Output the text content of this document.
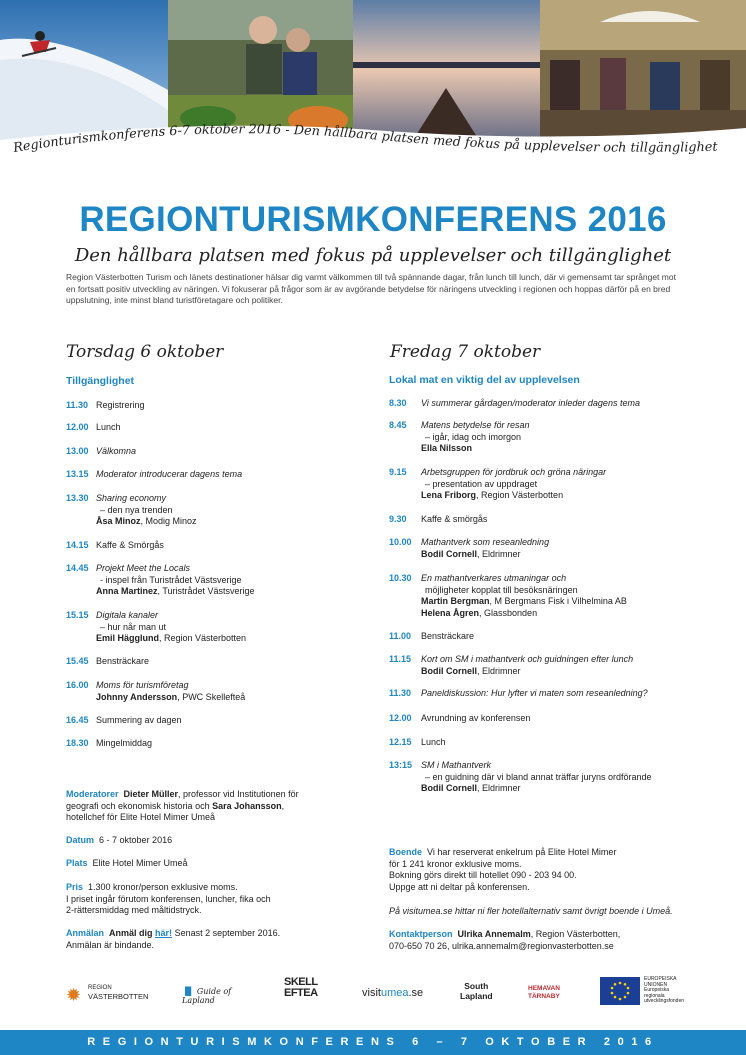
Regionturismkonferens 6-7 oktober 2016 - Den hållbara platsen med fokus på upplevelser och tillgänglighet
REGIONTURISMKONFERENS 2016
Den hållbara platsen med fokus på upplevelser och tillgänglighet
Region Västerbotten Turism och länets destinationer hälsar dig varmt välkommen till två spännande dagar, från lunch till lunch, där vi gemensamt tar språnget mot en fortsatt positiv utveckling av näringen. Vi fokuserar på frågor som är av avgörande betydelse för näringens utveckling i regionen och hoppas därför på en bred uppslutning, inte minst bland turistföretagare och politiker.
Torsdag 6 oktober
Tillgänglighet
11.30 Registrering
12.00 Lunch
13.00 Välkomna
13.15 Moderator introducerar dagens tema
13.30 Sharing economy
– den nya trenden
Åsa Minoz, Modig Minoz
14.15 Kaffe & Smörgås
14.45 Projekt Meet the Locals
- inspel från Turistrådet Västsverige
Anna Martinez, Turistrådet Västsverige
15.15 Digitala kanaler
– hur når man ut
Emil Hägglund, Region Västerbotten
15.45 Bensträckare
16.00 Moms för turismföretag
Johnny Andersson, PWC Skellefteå
16.45 Summering av dagen
18.30 Mingelmiddag
Fredag 7 oktober
Lokal mat en viktig del av upplevelsen
8.30 Vi summerar gårdagen/moderator inleder dagens tema
8.45 Matens betydelse för resan
– igår, idag och imorgon
Ella Nilsson
9.15 Arbetsgruppen för jordbruk och gröna näringar
– presentation av uppdraget
Lena Friborg, Region Västerbotten
9.30 Kaffe & smörgås
10.00 Mathantverk som reseanledning
Bodil Cornell, Eldrimner
10.30 En mathantverkares utmaningar och
möjligheter kopplat till besöksnäringen
Martin Bergman, M Bergmans Fisk i Vilhelmina AB
Helena Ågren, Glassbonden
11.00 Bensträckare
11.15 Kort om SM i mathantverk och guidningen efter lunch
Bodil Cornell, Eldrimner
11.30 Paneldiskussion: Hur lyfter vi maten som reseanledning?
12.00 Avrundning av konferensen
12.15 Lunch
13:15 SM i Mathantverk
– en guidning där vi bland annat träffar juryns ordförande
Bodil Cornell, Eldrimner

Moderatorer Dieter Müller, professor vid Institutionen för

geografi och ekonomisk historia och Sara Johansson,

hotellchef för Elite Hotel Mimer Umeå

Datum 6 - 7 oktober 2016

Plats Elite Hotel Mimer Umeå

Pris 1.300 kronor/person exklusive moms.

I priset ingår förutom konferensen, luncher, fika och

2-rättersmiddag med måltidstryck.

Anmälan Anmäl dig här! Senast 2 september 2016.

Anmälan är bindande.

Boende Vi har reserverat enkelrum på Elite Hotel Mimer

för 1 241 kronor exklusive moms.

Bokning görs direkt till hotellet 090 - 203 94 00.

Uppge att ni deltar på konferensen.

På visitumea.se hittar ni fler hotellalternativ samt övrigt boende i Umeå.

Kontaktperson Ulrika Annemalm, Region Västerbotten,

070-650 70 26, ulrika.annemalm@regionvasterbotten.se

✹ REGION
VÄSTERBOTTEN
▐▌ Guide of Lapland
SKELL
EFTEA	visitumea.se
South
Lapland
HEMAVAN
TÄRNABY
EUROPEISKA
UNIONEN
Europeiska
regionala
utvecklingsfonden
REGIONTURISMKONFERENS 6 – 7 OKTOBER 2016
